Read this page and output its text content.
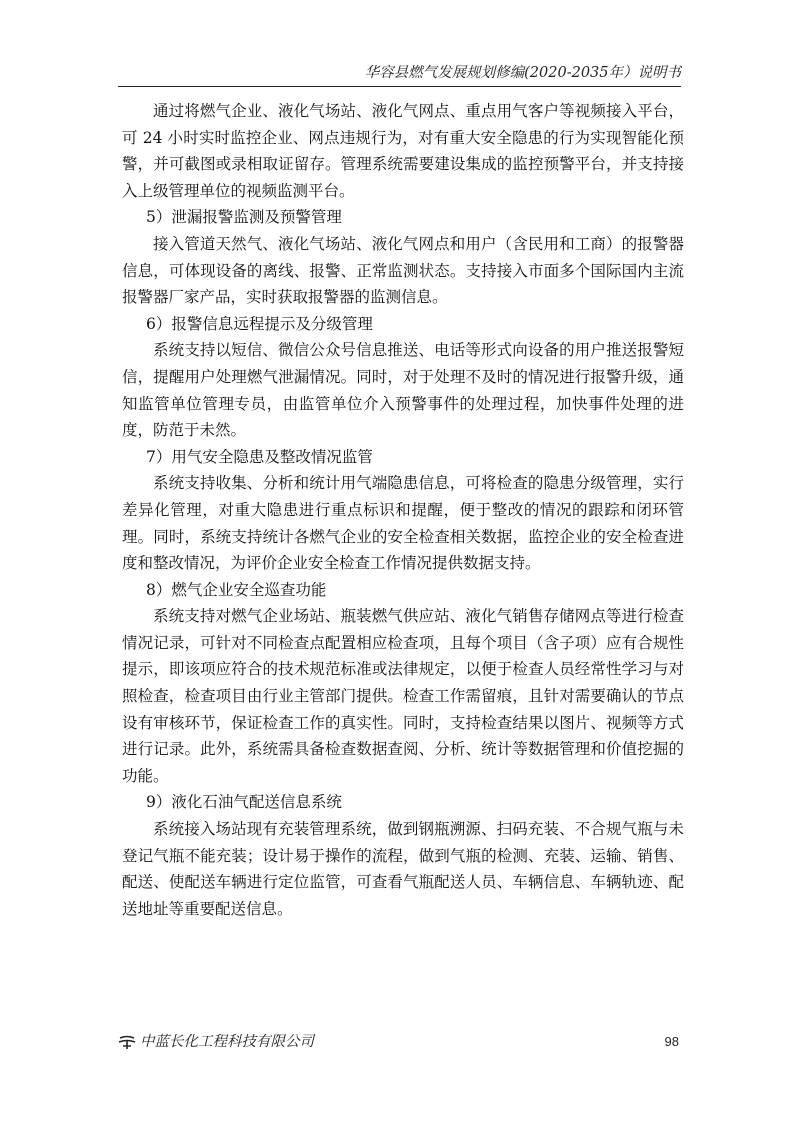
华容县燃气发展规划修编(2020-2035年）说明书

通过将燃气企业、液化气场站、液化气网点、重点用气客户等视频接入平台，可 24 小时实时监控企业、网点违规行为，对有重大安全隐患的行为实现智能化预警，并可截图或录相取证留存。管理系统需要建设集成的监控预警平台，并支持接入上级管理单位的视频监测平台。

5）泄漏报警监测及预警管理

接入管道天然气、液化气场站、液化气网点和用户（含民用和工商）的报警器信息，可体现设备的离线、报警、正常监测状态。支持接入市面多个国际国内主流报警器厂家产品，实时获取报警器的监测信息。

6）报警信息远程提示及分级管理

系统支持以短信、微信公众号信息推送、电话等形式向设备的用户推送报警短信，提醒用户处理燃气泄漏情况。同时，对于处理不及时的情况进行报警升级，通知监管单位管理专员，由监管单位介入预警事件的处理过程，加快事件处理的进度，防范于未然。

7）用气安全隐患及整改情况监管

系统支持收集、分析和统计用气端隐患信息，可将检查的隐患分级管理，实行差异化管理，对重大隐患进行重点标识和提醒，便于整改的情况的跟踪和闭环管理。同时，系统支持统计各燃气企业的安全检查相关数据，监控企业的安全检查进度和整改情况，为评价企业安全检查工作情况提供数据支持。

8）燃气企业安全巡查功能

系统支持对燃气企业场站、瓶装燃气供应站、液化气销售存储网点等进行检查情况记录，可针对不同检查点配置相应检查项，且每个项目（含子项）应有合规性提示，即该项应符合的技术规范标准或法律规定，以便于检查人员经常性学习与对照检查，检查项目由行业主管部门提供。检查工作需留痕，且针对需要确认的节点设有审核环节，保证检查工作的真实性。同时，支持检查结果以图片、视频等方式进行记录。此外，系统需具备检查数据查阅、分析、统计等数据管理和价值挖掘的功能。

9）液化石油气配送信息系统

系统接入场站现有充装管理系统，做到钢瓶溯源、扫码充装、不合规气瓶与未登记气瓶不能充装；设计易于操作的流程，做到气瓶的检测、充装、运输、销售、配送、使配送车辆进行定位监管，可查看气瓶配送人员、车辆信息、车辆轨迹、配送地址等重要配送信息。

中蓝长化工程科技有限公司	98
